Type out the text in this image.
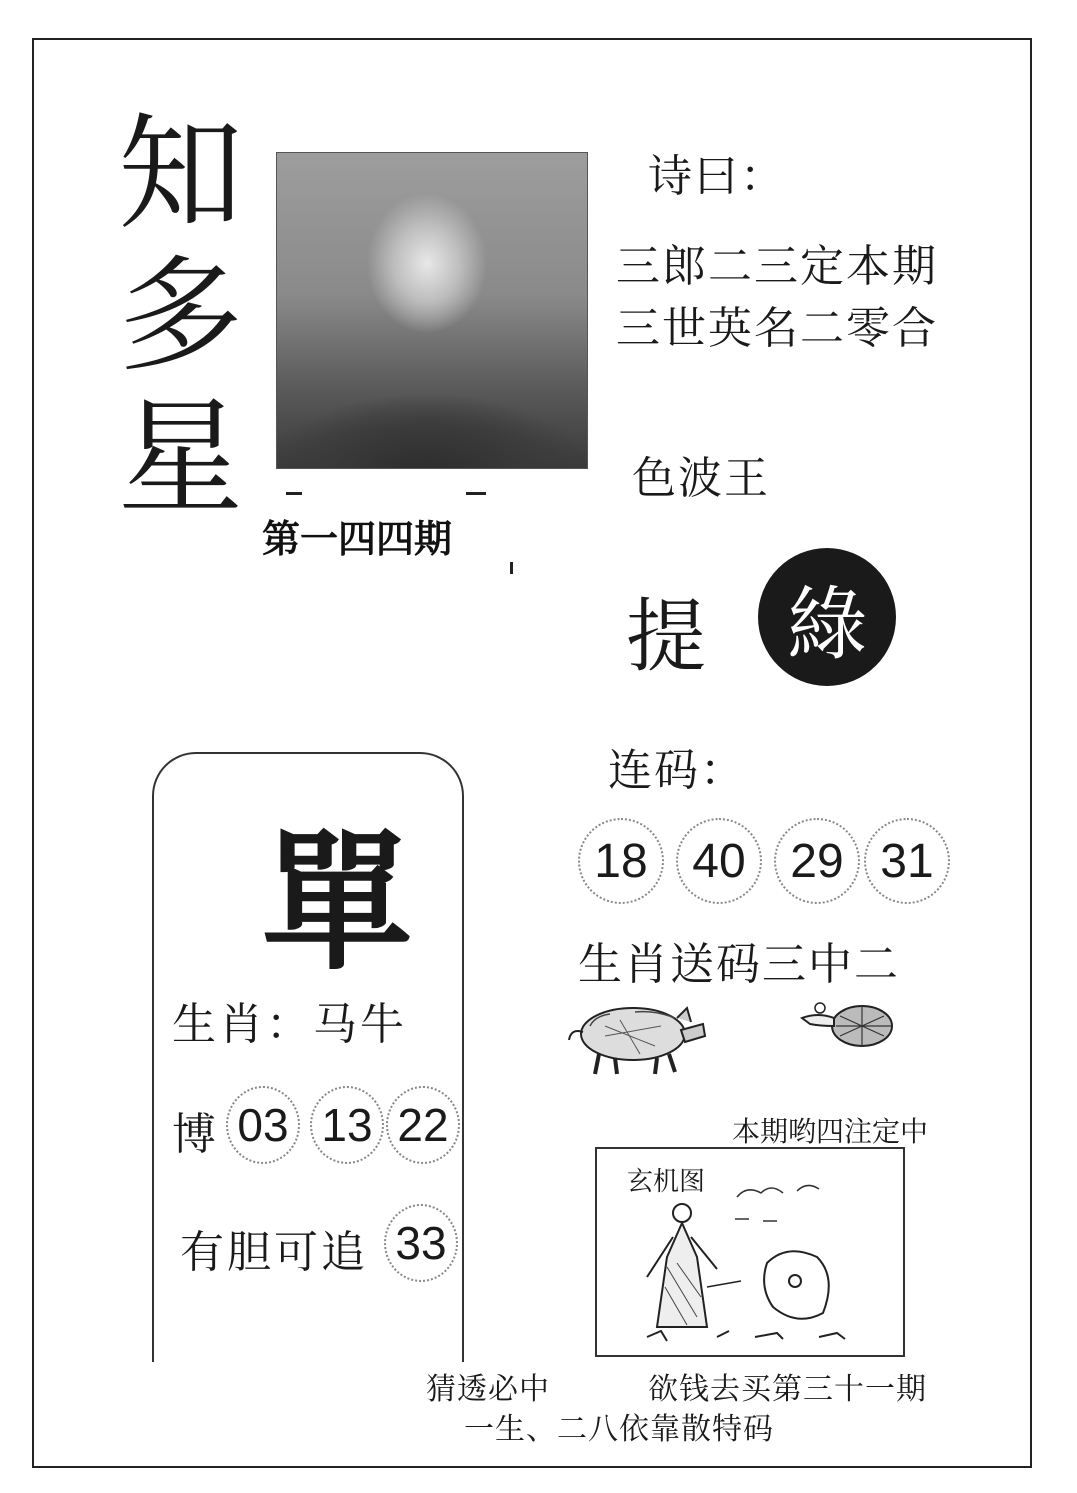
知
多
星
第一四四期
诗曰：
三郎二三定本期
三世英名二零合
色波王
提 綠
连码：
18 40 29 31
生肖送码三中二
單
生肖：马牛
博 03 13 22
有胆可追 33
本期哟四注定中
玄机图
猜透必中	欲钱去买第三十一期
一生、二八依靠散特码
